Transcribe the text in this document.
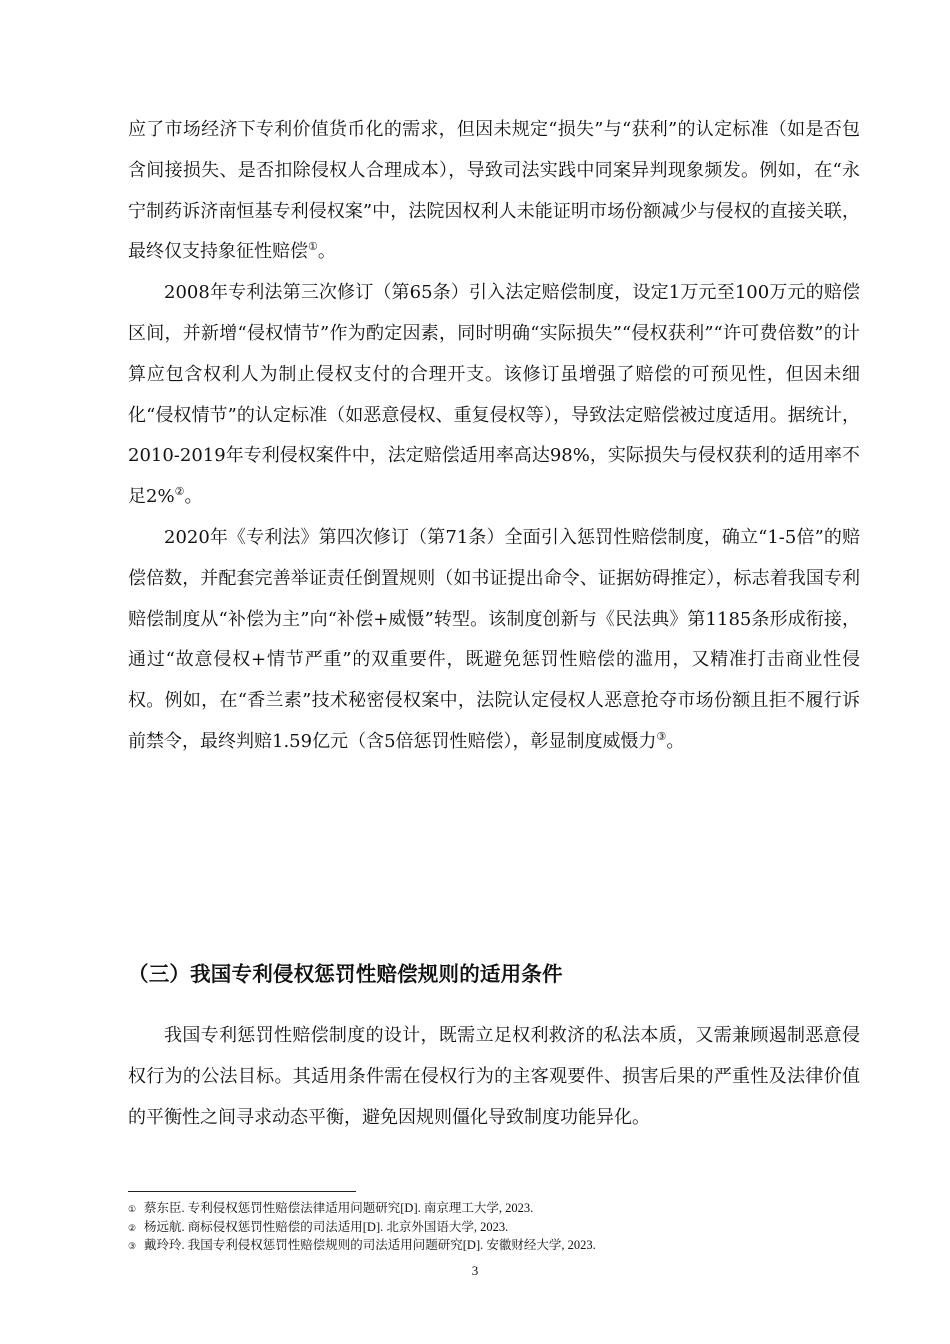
应了市场经济下专利价值货币化的需求，但因未规定“损失”与“获利”的认定标准（如是否包含间接损失、是否扣除侵权人合理成本），导致司法实践中同案异判现象频发。例如，在“永宁制药诉济南恒基专利侵权案”中，法院因权利人未能证明市场份额减少与侵权的直接关联，最终仅支持象征性赔偿①。

2008年专利法第三次修订（第65条）引入法定赔偿制度，设定1万元至100万元的赔偿区间，并新增“侵权情节”作为酌定因素，同时明确“实际损失”“侵权获利”“许可费倍数”的计算应包含权利人为制止侵权支付的合理开支。该修订虽增强了赔偿的可预见性，但因未细化“侵权情节”的认定标准（如恶意侵权、重复侵权等），导致法定赔偿被过度适用。据统计，2010-2019年专利侵权案件中，法定赔偿适用率高达98%，实际损失与侵权获利的适用率不足2%②。

2020年《专利法》第四次修订（第71条）全面引入惩罚性赔偿制度，确立“1-5倍”的赔偿倍数，并配套完善举证责任倒置规则（如书证提出命令、证据妨碍推定），标志着我国专利赔偿制度从“补偿为主”向“补偿+威慑”转型。该制度创新与《民法典》第1185条形成衔接，通过“故意侵权+情节严重”的双重要件，既避免惩罚性赔偿的滥用，又精准打击商业性侵权。例如，在“香兰素”技术秘密侵权案中，法院认定侵权人恶意抢夺市场份额且拒不履行诉前禁令，最终判赔1.59亿元（含5倍惩罚性赔偿），彰显制度威慑力③。

（三）我国专利侵权惩罚性赔偿规则的适用条件

我国专利惩罚性赔偿制度的设计，既需立足权利救济的私法本质，又需兼顾遏制恶意侵权行为的公法目标。其适用条件需在侵权行为的主客观要件、损害后果的严重性及法律价值的平衡性之间寻求动态平衡，避免因规则僵化导致制度功能异化。

① 蔡东臣. 专利侵权惩罚性赔偿法律适用问题研究[D]. 南京理工大学, 2023.
② 杨远航. 商标侵权惩罚性赔偿的司法适用[D]. 北京外国语大学, 2023.
③ 戴玲玲. 我国专利侵权惩罚性赔偿规则的司法适用问题研究[D]. 安徽财经大学, 2023.
3
